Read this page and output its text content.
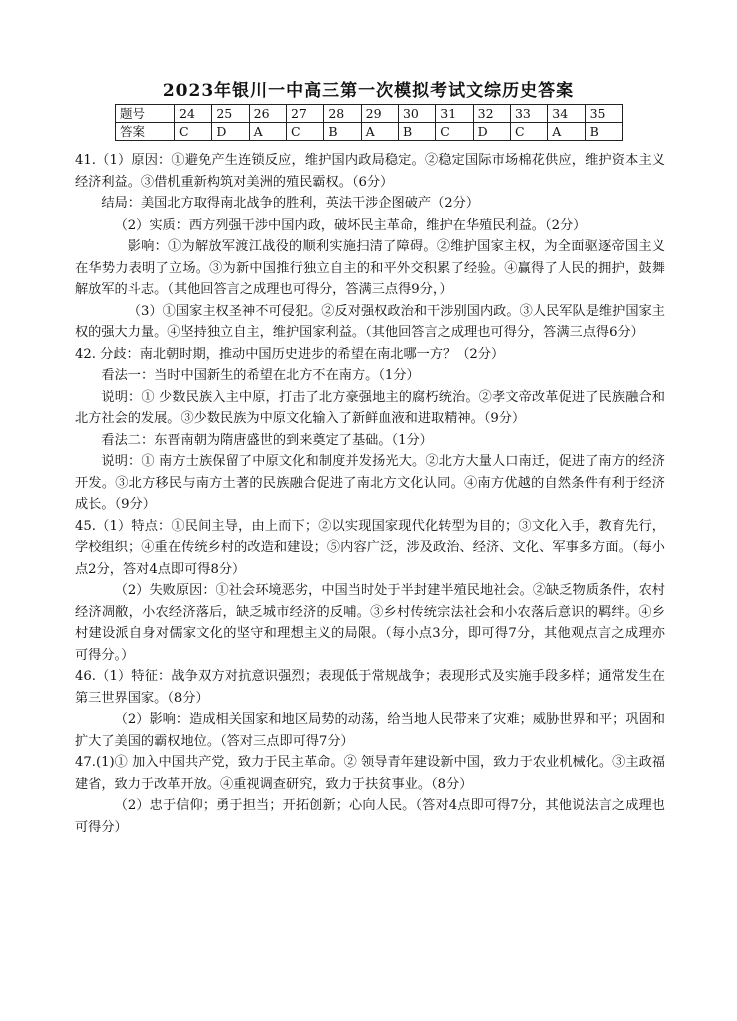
2023年银川一中高三第一次模拟考试文综历史答案
题号	24	25	26	27	28	29	30	31	32	33	34	35
答案	C	D	A	C	B	A	B	C	D	C	A	B

41.（1）原因：①避免产生连锁反应，维护国内政局稳定。②稳定国际市场棉花供应，维护资本主义经济利益。③借机重新构筑对美洲的殖民霸权。（6分）

结局：美国北方取得南北战争的胜利，英法干涉企图破产（2分）

（2）实质：西方列强干涉中国内政，破坏民主革命，维护在华殖民利益。（2分）

影响：①为解放军渡江战役的顺利实施扫清了障碍。②维护国家主权，为全面驱逐帝国主义在华势力表明了立场。③为新中国推行独立自主的和平外交积累了经验。④赢得了人民的拥护，鼓舞解放军的斗志。（其他回答言之成理也可得分，答满三点得9分，）

（3）①国家主权圣神不可侵犯。②反对强权政治和干涉别国内政。③人民军队是维护国家主权的强大力量。④坚持独立自主，维护国家利益。（其他回答言之成理也可得分，答满三点得6分）

42. 分歧：南北朝时期，推动中国历史进步的希望在南北哪一方？（2分）

看法一：当时中国新生的希望在北方不在南方。（1分）

说明：① 少数民族入主中原，打击了北方豪强地主的腐朽统治。②孝文帝改革促进了民族融合和北方社会的发展。③少数民族为中原文化输入了新鲜血液和进取精神。（9分）

看法二：东晋南朝为隋唐盛世的到来奠定了基础。（1分）

说明：① 南方士族保留了中原文化和制度并发扬光大。②北方大量人口南迁，促进了南方的经济开发。③北方移民与南方土著的民族融合促进了南北方文化认同。④南方优越的自然条件有利于经济成长。（9分）

45.（1）特点：①民间主导，由上而下；②以实现国家现代化转型为目的；③文化入手，教育先行，学校组织；④重在传统乡村的改造和建设；⑤内容广泛，涉及政治、经济、文化、军事多方面。（每小点2分，答对4点即可得8分）

（2）失败原因：①社会环境恶劣，中国当时处于半封建半殖民地社会。②缺乏物质条件，农村经济凋敝，小农经济落后，缺乏城市经济的反哺。③乡村传统宗法社会和小农落后意识的羁绊。④乡村建设派自身对儒家文化的坚守和理想主义的局限。（每小点3分，即可得7分，其他观点言之成理亦可得分。）

46.（1）特征：战争双方对抗意识强烈；表现低于常规战争；表现形式及实施手段多样；通常发生在第三世界国家。（8分）

（2）影响：造成相关国家和地区局势的动荡，给当地人民带来了灾难；威胁世界和平；巩固和扩大了美国的霸权地位。（答对三点即可得7分）

47.(1)① 加入中国共产党，致力于民主革命。② 领导青年建设新中国，致力于农业机械化。③主政福建省，致力于改革开放。④重视调查研究，致力于扶贫事业。（8分）

（2）忠于信仰；勇于担当；开拓创新；心向人民。（答对4点即可得7分，其他说法言之成理也可得分）
